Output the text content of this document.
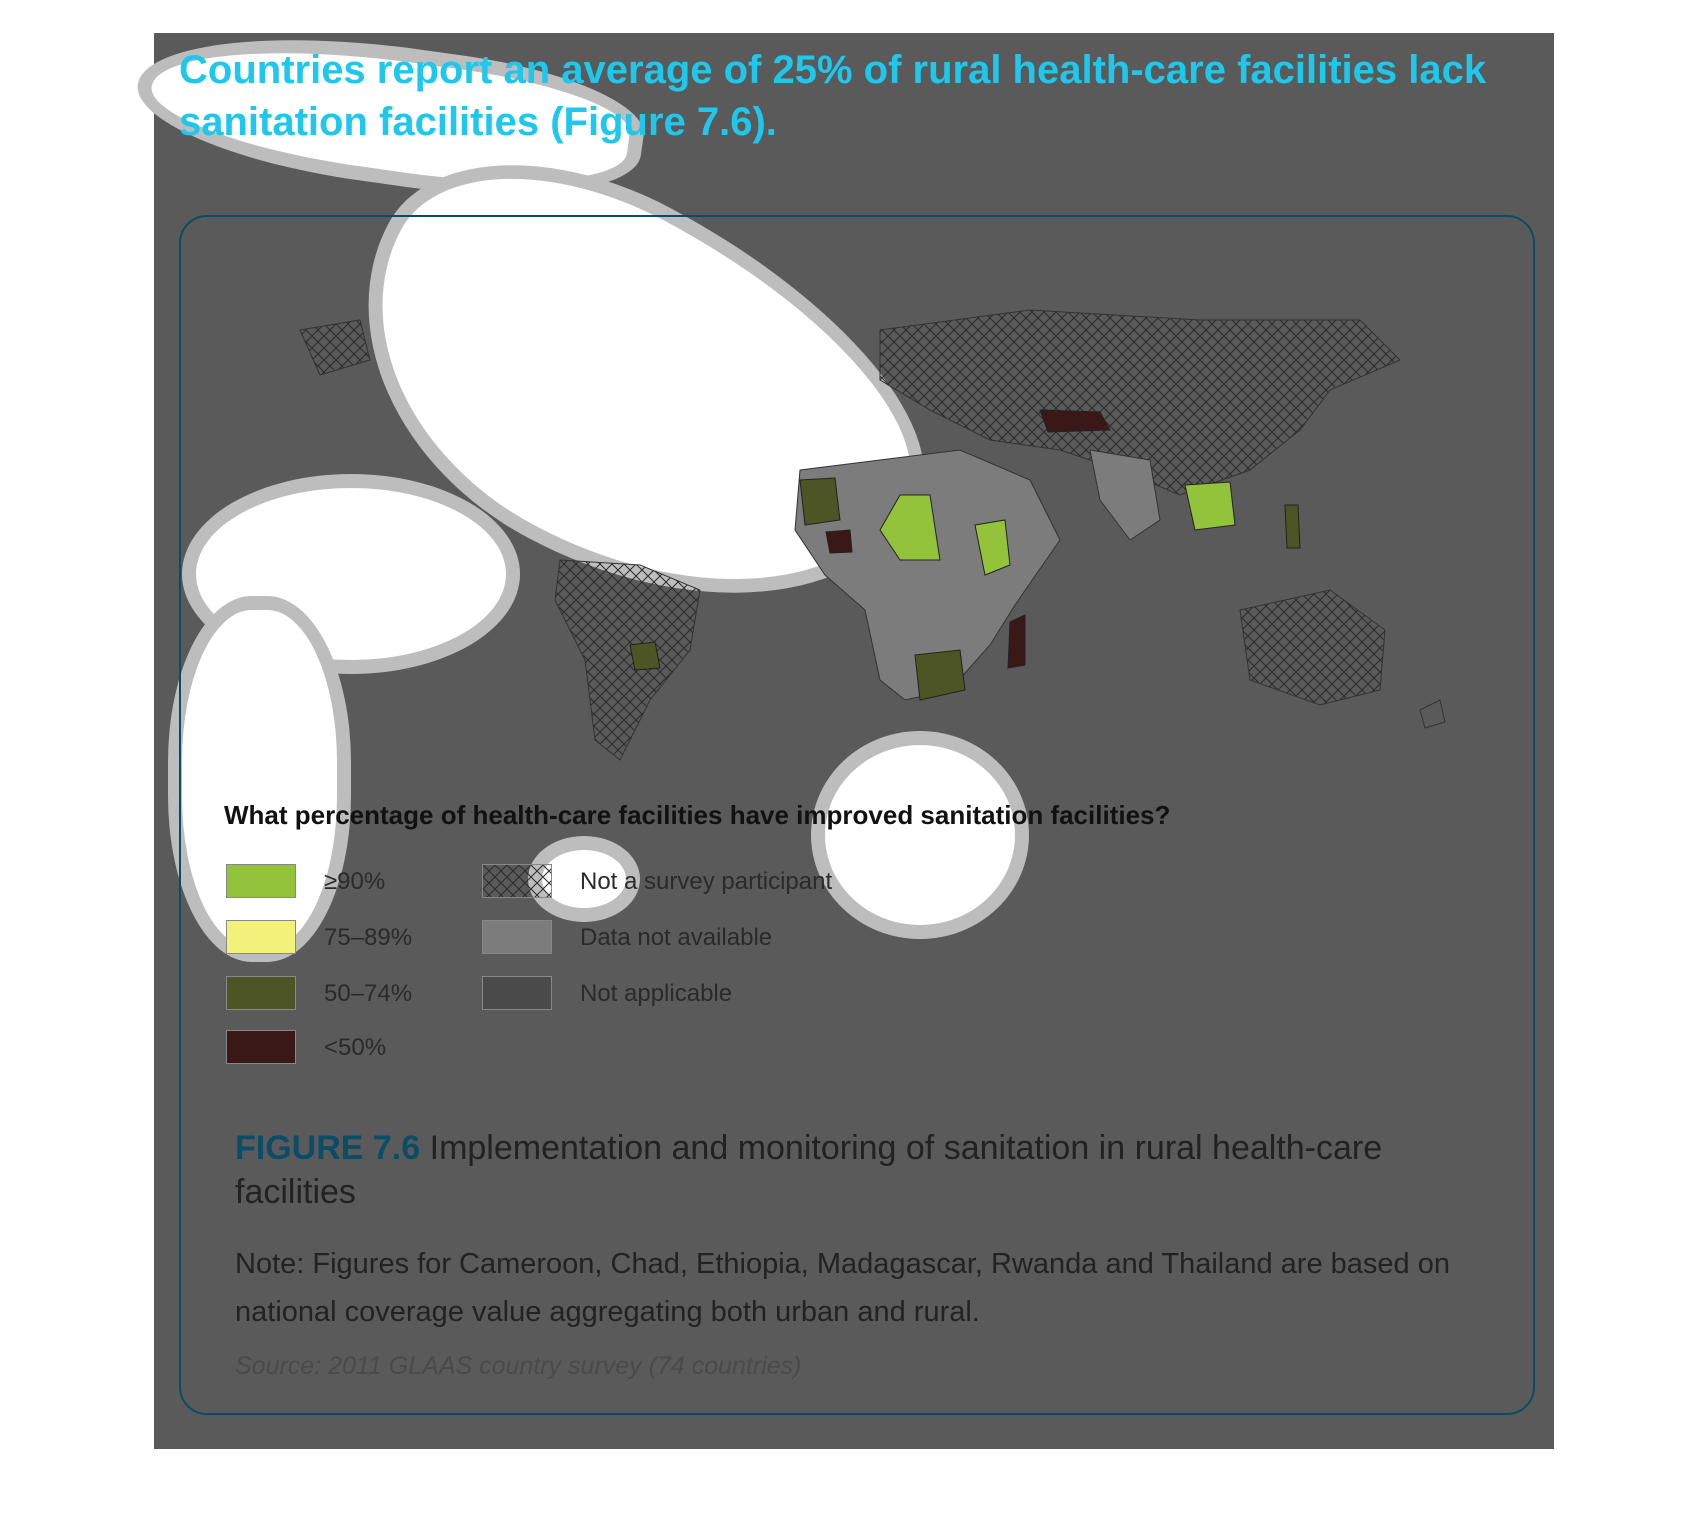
Countries report an average of 25% of rural health-care facilities lack sanitation facilities (Figure 7.6).
What percentage of health-care facilities have improved sanitation facilities?
≥90%
75–89%
50–74%
<50%
Not a survey participant
Data not available
Not applicable

FIGURE 7.6 Implementation and monitoring of sanitation in rural health-care facilities

Note: Figures for Cameroon, Chad, Ethiopia, Madagascar, Rwanda and Thailand are based on national coverage value aggregating both urban and rural.

Source: 2011 GLAAS country survey (74 countries)
